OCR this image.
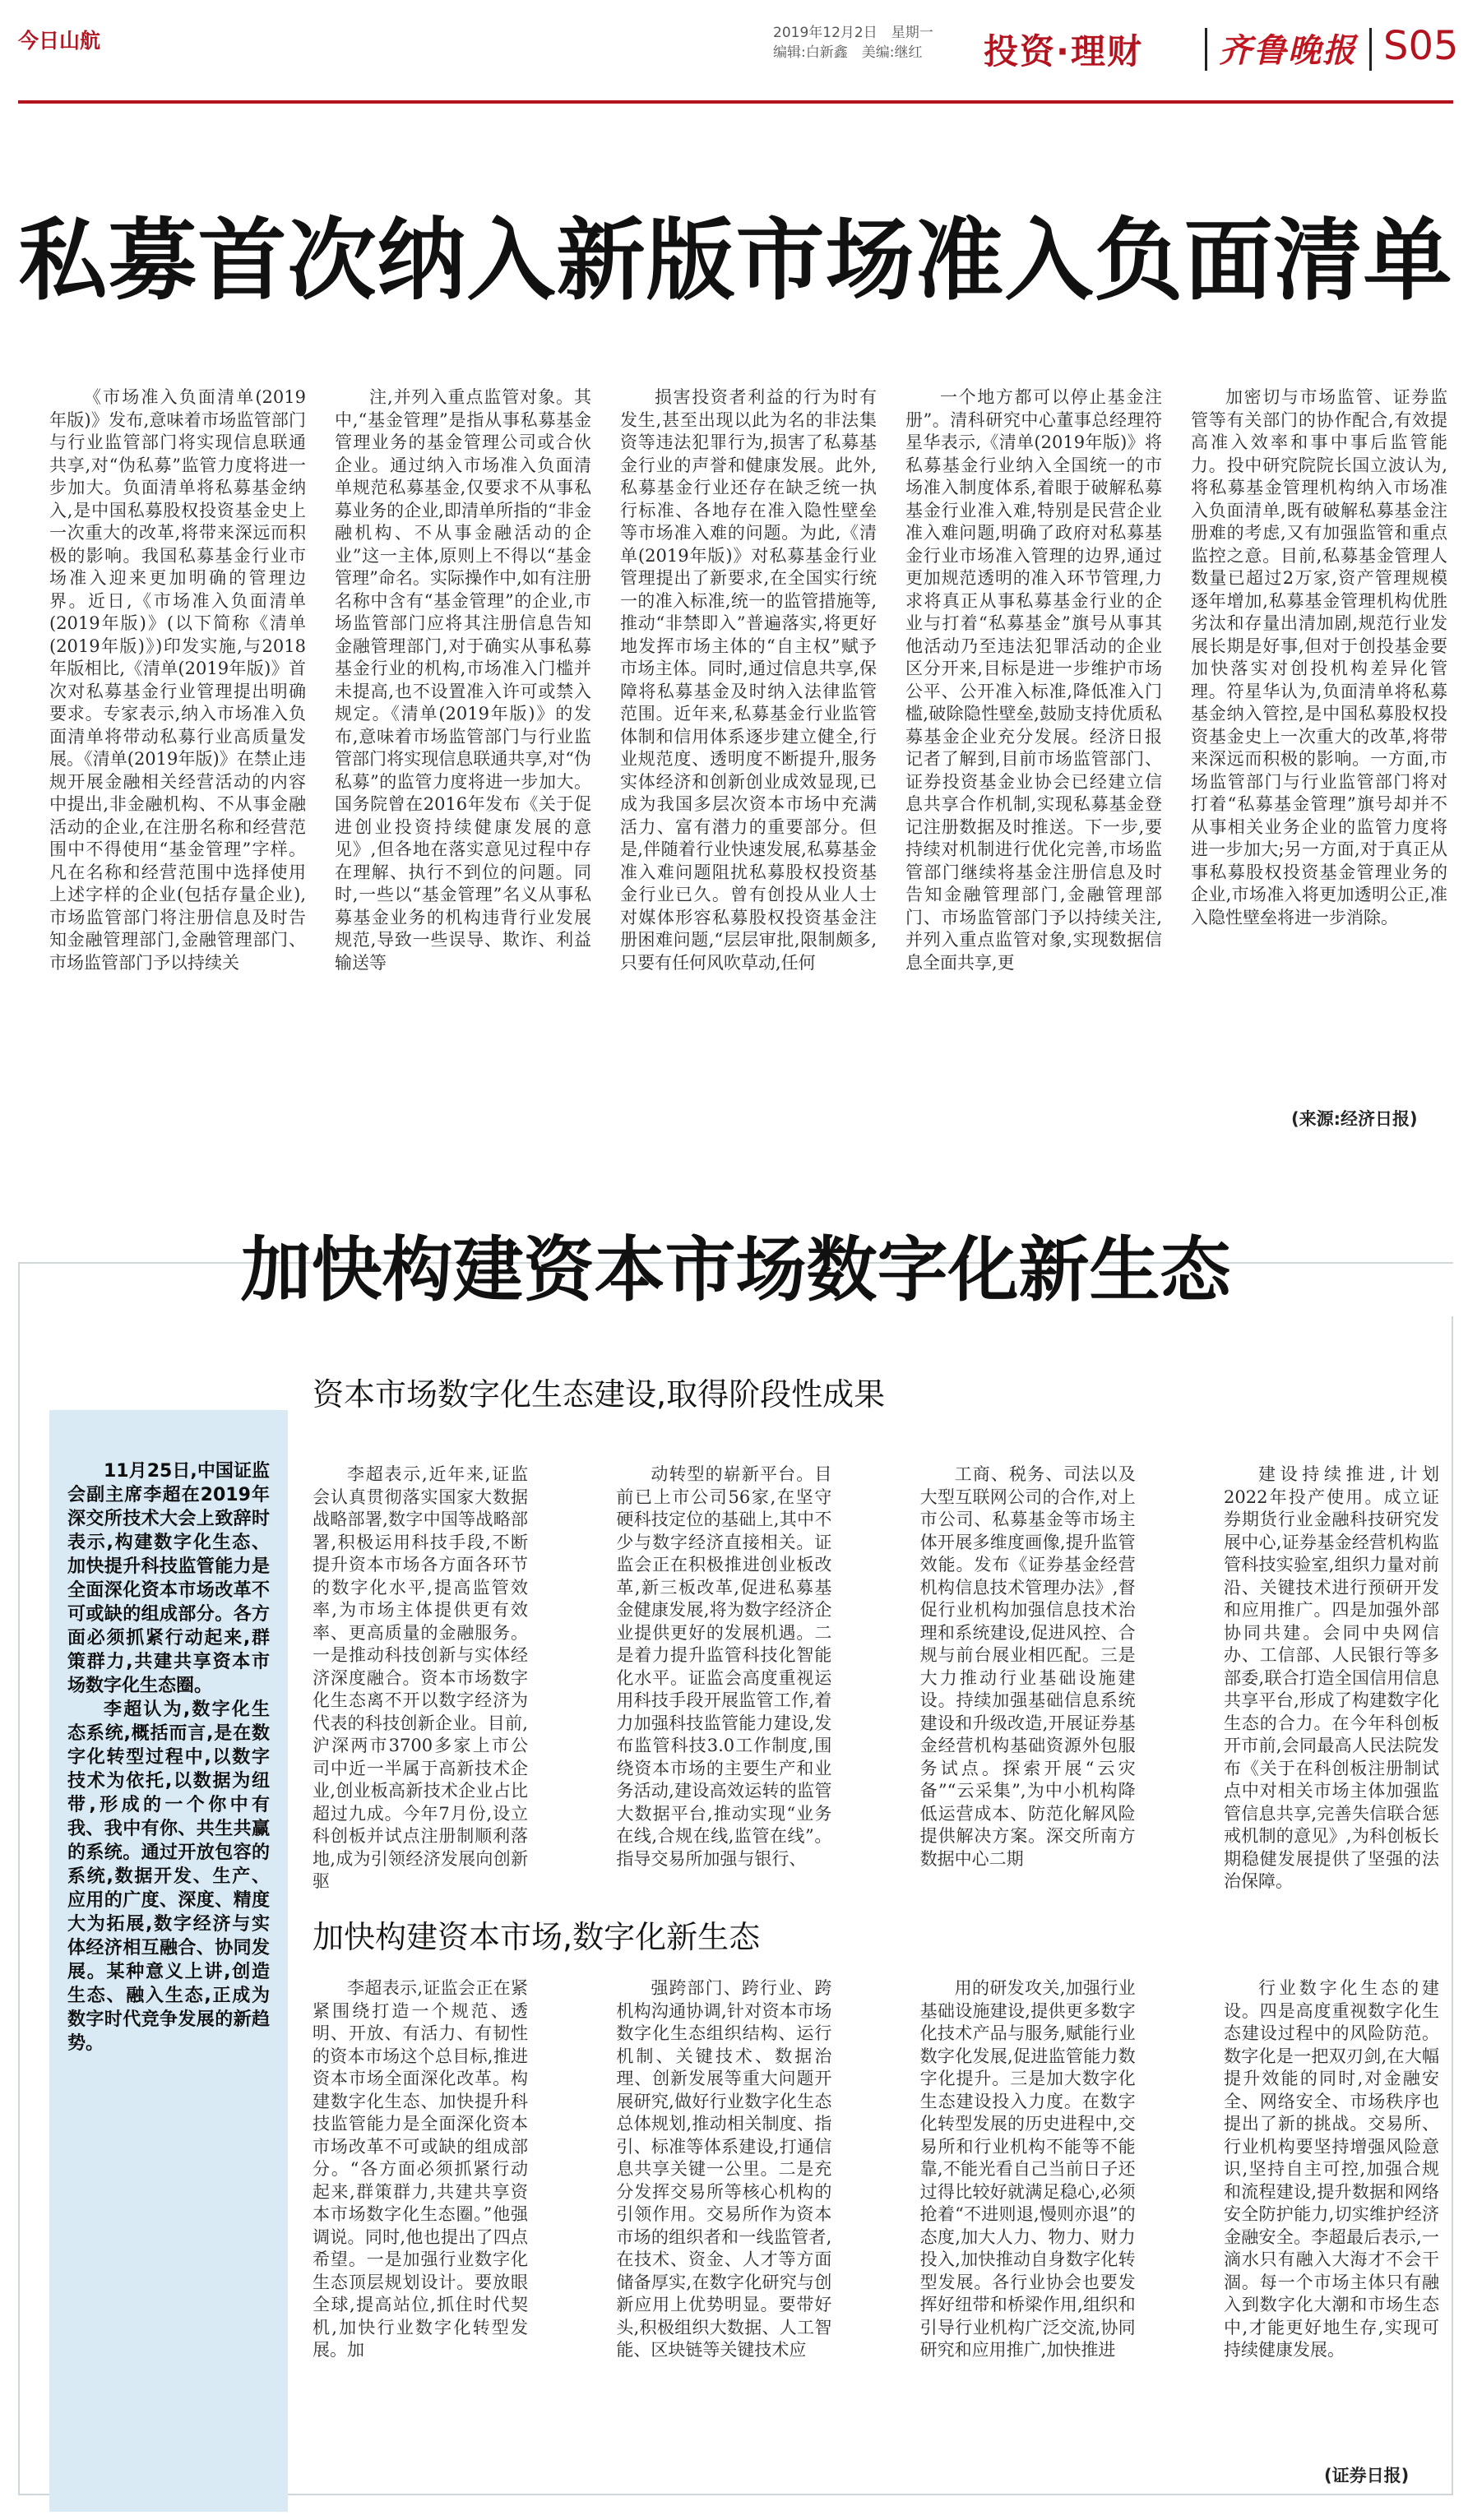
今日山航	2019年12月2日　星期一
编辑:白新鑫　美编:继红	投资·理财 齐鲁晚报 S05
私募首次纳入新版市场准入负面清单

《市场准入负面清单(2019年版)》发布,意味着市场监管部门与行业监管部门将实现信息联通共享,对“伪私募”监管力度将进一步加大。负面清单将私募基金纳入,是中国私募股权投资基金史上一次重大的改革,将带来深远而积极的影响。我国私募基金行业市场准入迎来更加明确的管理边界。近日,《市场准入负面清单(2019年版)》(以下简称《清单(2019年版)》)印发实施,与2018年版相比,《清单(2019年版)》首次对私募基金行业管理提出明确要求。专家表示,纳入市场准入负面清单将带动私募行业高质量发展。《清单(2019年版)》在禁止违规开展金融相关经营活动的内容中提出,非金融机构、不从事金融活动的企业,在注册名称和经营范围中不得使用“基金管理”字样。凡在名称和经营范围中选择使用上述字样的企业(包括存量企业),市场监管部门将注册信息及时告知金融管理部门,金融管理部门、市场监管部门予以持续关

注,并列入重点监管对象。其中,“基金管理”是指从事私募基金管理业务的基金管理公司或合伙企业。通过纳入市场准入负面清单规范私募基金,仅要求不从事私募业务的企业,即清单所指的“非金融机构、不从事金融活动的企业”这一主体,原则上不得以“基金管理”命名。实际操作中,如有注册名称中含有“基金管理”的企业,市场监管部门应将其注册信息告知金融管理部门,对于确实从事私募基金行业的机构,市场准入门槛并未提高,也不设置准入许可或禁入规定。《清单(2019年版)》的发布,意味着市场监管部门与行业监管部门将实现信息联通共享,对“伪私募”的监管力度将进一步加大。国务院曾在2016年发布《关于促进创业投资持续健康发展的意见》,但各地在落实意见过程中存在理解、执行不到位的问题。同时,一些以“基金管理”名义从事私募基金业务的机构违背行业发展规范,导致一些误导、欺诈、利益输送等

损害投资者利益的行为时有发生,甚至出现以此为名的非法集资等违法犯罪行为,损害了私募基金行业的声誉和健康发展。此外,私募基金行业还存在缺乏统一执行标准、各地存在准入隐性壁垒等市场准入难的问题。为此,《清单(2019年版)》对私募基金行业管理提出了新要求,在全国实行统一的准入标准,统一的监管措施等,推动“非禁即入”普遍落实,将更好地发挥市场主体的“自主权”赋予市场主体。同时,通过信息共享,保障将私募基金及时纳入法律监管范围。近年来,私募基金行业监管体制和信用体系逐步建立健全,行业规范度、透明度不断提升,服务实体经济和创新创业成效显现,已成为我国多层次资本市场中充满活力、富有潜力的重要部分。但是,伴随着行业快速发展,私募基金准入难问题阻扰私募股权投资基金行业已久。曾有创投从业人士对媒体形容私募股权投资基金注册困难问题,“层层审批,限制颇多,只要有任何风吹草动,任何

一个地方都可以停止基金注册”。清科研究中心董事总经理符星华表示,《清单(2019年版)》将私募基金行业纳入全国统一的市场准入制度体系,着眼于破解私募基金行业准入难,特别是民营企业准入难问题,明确了政府对私募基金行业市场准入管理的边界,通过更加规范透明的准入环节管理,力求将真正从事私募基金行业的企业与打着“私募基金”旗号从事其他活动乃至违法犯罪活动的企业区分开来,目标是进一步维护市场公平、公开准入标准,降低准入门槛,破除隐性壁垒,鼓励支持优质私募基金企业充分发展。经济日报记者了解到,目前市场监管部门、证券投资基金业协会已经建立信息共享合作机制,实现私募基金登记注册数据及时推送。下一步,要持续对机制进行优化完善,市场监管部门继续将基金注册信息及时告知金融管理部门,金融管理部门、市场监管部门予以持续关注,并列入重点监管对象,实现数据信息全面共享,更

加密切与市场监管、证券监管等有关部门的协作配合,有效提高准入效率和事中事后监管能力。投中研究院院长国立波认为,将私募基金管理机构纳入市场准入负面清单,既有破解私募基金注册难的考虑,又有加强监管和重点监控之意。目前,私募基金管理人数量已超过2万家,资产管理规模逐年增加,私募基金管理机构优胜劣汰和存量出清加剧,规范行业发展长期是好事,但对于创投基金要加快落实对创投机构差异化管理。符星华认为,负面清单将私募基金纳入管控,是中国私募股权投资基金史上一次重大的改革,将带来深远而积极的影响。一方面,市场监管部门与行业监管部门将对打着“私募基金管理”旗号却并不从事相关业务企业的监管力度将进一步加大;另一方面,对于真正从事私募股权投资基金管理业务的企业,市场准入将更加透明公正,准入隐性壁垒将进一步消除。

(来源:经济日报)
加快构建资本市场数字化新生态
资本市场数字化生态建设,取得阶段性成果

11月25日,中国证监会副主席李超在2019年深交所技术大会上致辞时表示,构建数字化生态、加快提升科技监管能力是全面深化资本市场改革不可或缺的组成部分。各方面必须抓紧行动起来,群策群力,共建共享资本市场数字化生态圈。

李超认为,数字化生态系统,概括而言,是在数字化转型过程中,以数字技术为依托,以数据为纽带,形成的一个你中有我、我中有你、共生共赢的系统。通过开放包容的系统,数据开发、生产、应用的广度、深度、精度大为拓展,数字经济与实体经济相互融合、协同发展。某种意义上讲,创造生态、融入生态,正成为数字时代竞争发展的新趋势。

李超表示,近年来,证监会认真贯彻落实国家大数据战略部署,数字中国等战略部署,积极运用科技手段,不断提升资本市场各方面各环节的数字化水平,提高监管效率,为市场主体提供更有效率、更高质量的金融服务。一是推动科技创新与实体经济深度融合。资本市场数字化生态离不开以数字经济为代表的科技创新企业。目前,沪深两市3700多家上市公司中近一半属于高新技术企业,创业板高新技术企业占比超过九成。今年7月份,设立科创板并试点注册制顺利落地,成为引领经济发展向创新驱

动转型的崭新平台。目前已上市公司56家,在坚守硬科技定位的基础上,其中不少与数字经济直接相关。证监会正在积极推进创业板改革,新三板改革,促进私募基金健康发展,将为数字经济企业提供更好的发展机遇。二是着力提升监管科技化智能化水平。证监会高度重视运用科技手段开展监管工作,着力加强科技监管能力建设,发布监管科技3.0工作制度,围绕资本市场的主要生产和业务活动,建设高效运转的监管大数据平台,推动实现“业务在线,合规在线,监管在线”。指导交易所加强与银行、

工商、税务、司法以及大型互联网公司的合作,对上市公司、私募基金等市场主体开展多维度画像,提升监管效能。发布《证券基金经营机构信息技术管理办法》,督促行业机构加强信息技术治理和系统建设,促进风控、合规与前台展业相匹配。三是大力推动行业基础设施建设。持续加强基础信息系统建设和升级改造,开展证券基金经营机构基础资源外包服务试点。探索开展“云灾备”“云采集”,为中小机构降低运营成本、防范化解风险提供解决方案。深交所南方数据中心二期

建设持续推进,计划2022年投产使用。成立证券期货行业金融科技研究发展中心,证券基金经营机构监管科技实验室,组织力量对前沿、关键技术进行预研开发和应用推广。四是加强外部协同共建。会同中央网信办、工信部、人民银行等多部委,联合打造全国信用信息共享平台,形成了构建数字化生态的合力。在今年科创板开市前,会同最高人民法院发布《关于在科创板注册制试点中对相关市场主体加强监管信息共享,完善失信联合惩戒机制的意见》,为科创板长期稳健发展提供了坚强的法治保障。

加快构建资本市场,数字化新生态

李超表示,证监会正在紧紧围绕打造一个规范、透明、开放、有活力、有韧性的资本市场这个总目标,推进资本市场全面深化改革。构建数字化生态、加快提升科技监管能力是全面深化资本市场改革不可或缺的组成部分。“各方面必须抓紧行动起来,群策群力,共建共享资本市场数字化生态圈。”他强调说。同时,他也提出了四点希望。一是加强行业数字化生态顶层规划设计。要放眼全球,提高站位,抓住时代契机,加快行业数字化转型发展。加

强跨部门、跨行业、跨机构沟通协调,针对资本市场数字化生态组织结构、运行机制、关键技术、数据治理、创新发展等重大问题开展研究,做好行业数字化生态总体规划,推动相关制度、指引、标准等体系建设,打通信息共享关键一公里。二是充分发挥交易所等核心机构的引领作用。交易所作为资本市场的组织者和一线监管者,在技术、资金、人才等方面储备厚实,在数字化研究与创新应用上优势明显。要带好头,积极组织大数据、人工智能、区块链等关键技术应

用的研发攻关,加强行业基础设施建设,提供更多数字化技术产品与服务,赋能行业数字化发展,促进监管能力数字化提升。三是加大数字化生态建设投入力度。在数字化转型发展的历史进程中,交易所和行业机构不能等不能靠,不能光看自己当前日子还过得比较好就满足稳心,必须抢着“不进则退,慢则亦退”的态度,加大人力、物力、财力投入,加快推动自身数字化转型发展。各行业协会也要发挥好纽带和桥梁作用,组织和引导行业机构广泛交流,协同研究和应用推广,加快推进

行业数字化生态的建设。四是高度重视数字化生态建设过程中的风险防范。数字化是一把双刃剑,在大幅提升效能的同时,对金融安全、网络安全、市场秩序也提出了新的挑战。交易所、行业机构要坚持增强风险意识,坚持自主可控,加强合规和流程建设,提升数据和网络安全防护能力,切实维护经济金融安全。李超最后表示,一滴水只有融入大海才不会干涸。每一个市场主体只有融入到数字化大潮和市场生态中,才能更好地生存,实现可持续健康发展。

(证券日报)
